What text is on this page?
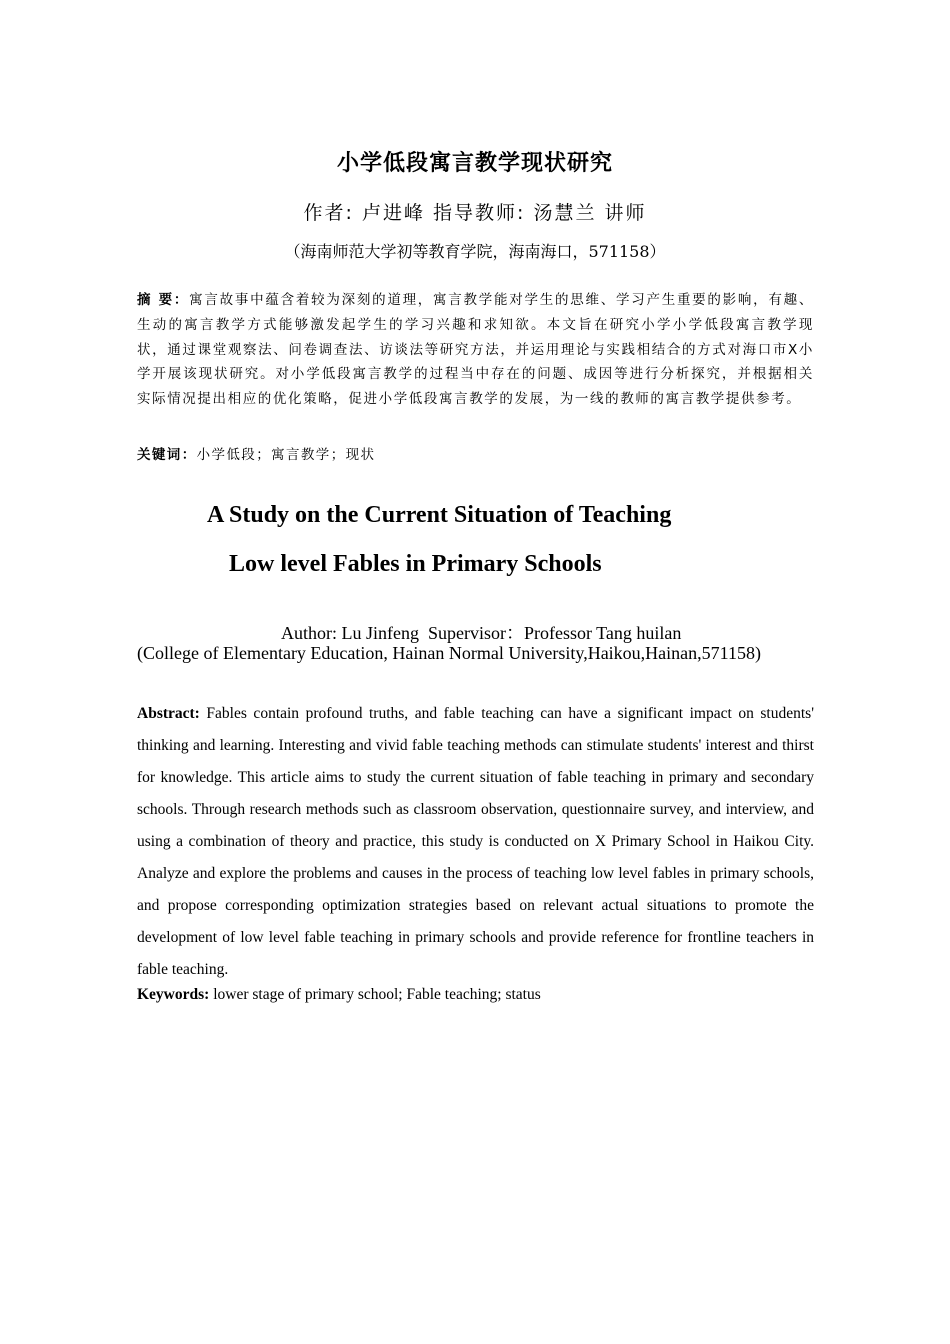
小学低段寓言教学现状研究
作者: 卢进峰 指导教师: 汤慧兰 讲师
（海南师范大学初等教育学院，海南海口，571158）
摘 要：寓言故事中蕴含着较为深刻的道理，寓言教学能对学生的思维、学习产生重要的影响，有趣、生动的寓言教学方式能够激发起学生的学习兴趣和求知欲。本文旨在研究小学小学低段寓言教学现状，通过课堂观察法、问卷调查法、访谈法等研究方法，并运用理论与实践相结合的方式对海口市X小学开展该现状研究。对小学低段寓言教学的过程当中存在的问题、成因等进行分析探究，并根据相关实际情况提出相应的优化策略，促进小学低段寓言教学的发展，为一线的教师的寓言教学提供参考。
关键词：小学低段；寓言教学；现状
A Study on the Current Situation of Teaching
Low level Fables in Primary Schools
Author: Lu Jinfeng  Supervisor：Professor Tang huilan
(College of Elementary Education, Hainan Normal University,Haikou,Hainan,571158)
Abstract: Fables contain profound truths, and fable teaching can have a significant impact on students' thinking and learning. Interesting and vivid fable teaching methods can stimulate students' interest and thirst for knowledge. This article aims to study the current situation of fable teaching in primary and secondary schools. Through research methods such as classroom observation, questionnaire survey, and interview, and using a combination of theory and practice, this study is conducted on X Primary School in Haikou City. Analyze and explore the problems and causes in the process of teaching low level fables in primary schools, and propose corresponding optimization strategies based on relevant actual situations to promote the development of low level fable teaching in primary schools and provide reference for frontline teachers in fable teaching.
Keywords: lower stage of primary school; Fable teaching; status
